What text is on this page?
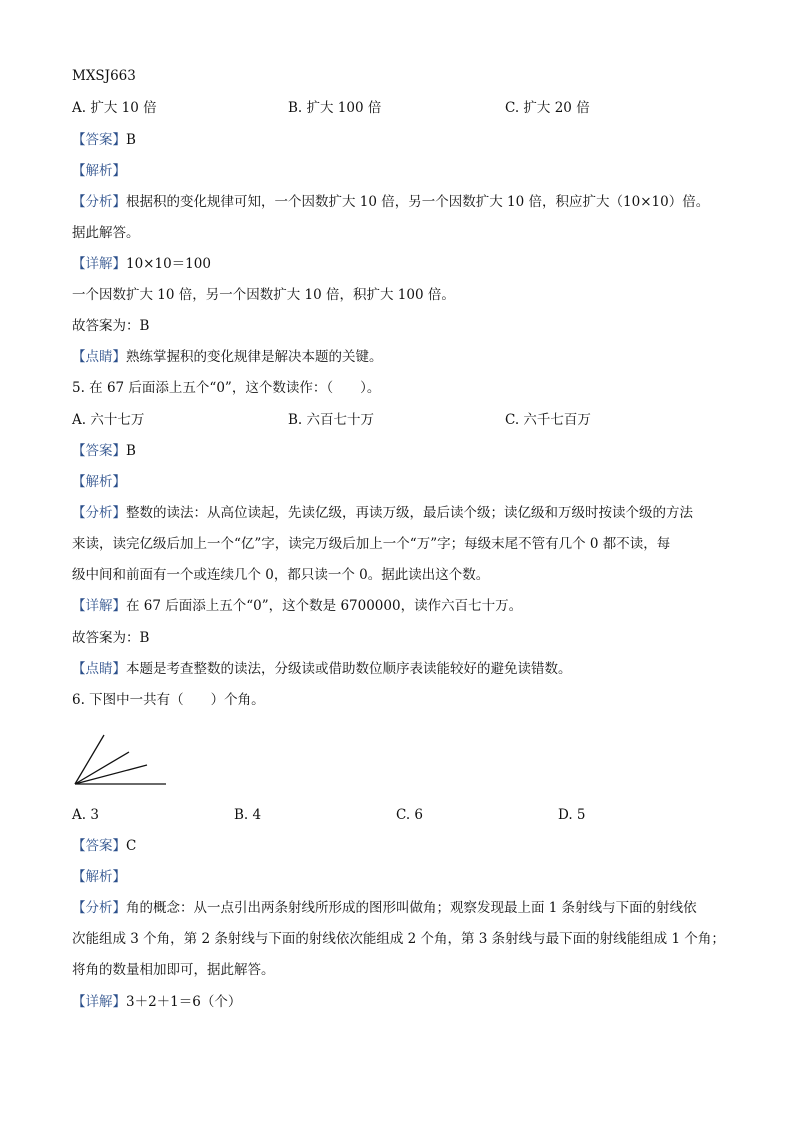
MXSJ663
A. 扩大 10 倍	B. 扩大 100 倍	C. 扩大 20 倍
【答案】B
【解析】
【分析】根据积的变化规律可知，一个因数扩大 10 倍，另一个因数扩大 10 倍，积应扩大（10×10）倍。
据此解答。
【详解】10×10＝100
一个因数扩大 10 倍，另一个因数扩大 10 倍，积扩大 100 倍。
故答案为：B
【点睛】熟练掌握积的变化规律是解决本题的关键。
5. 在 67 后面添上五个“0”，这个数读作：（　　）。
A. 六十七万	B. 六百七十万	C. 六千七百万
【答案】B
【解析】
【分析】整数的读法：从高位读起，先读亿级，再读万级，最后读个级；读亿级和万级时按读个级的方法
来读，读完亿级后加上一个“亿”字，读完万级后加上一个“万”字；每级末尾不管有几个 0 都不读，每
级中间和前面有一个或连续几个 0，都只读一个 0。据此读出这个数。
【详解】在 67 后面添上五个“0”，这个数是 6700000，读作六百七十万。
故答案为：B
【点睛】本题是考查整数的读法，分级读或借助数位顺序表读能较好的避免读错数。
6. 下图中一共有（　　）个角。
A. 3	B. 4	C. 6	D. 5
【答案】C
【解析】
【分析】角的概念：从一点引出两条射线所形成的图形叫做角；观察发现最上面 1 条射线与下面的射线依
次能组成 3 个角，第 2 条射线与下面的射线依次能组成 2 个角，第 3 条射线与最下面的射线能组成 1 个角；
将角的数量相加即可，据此解答。
【详解】3＋2＋1＝6（个）
